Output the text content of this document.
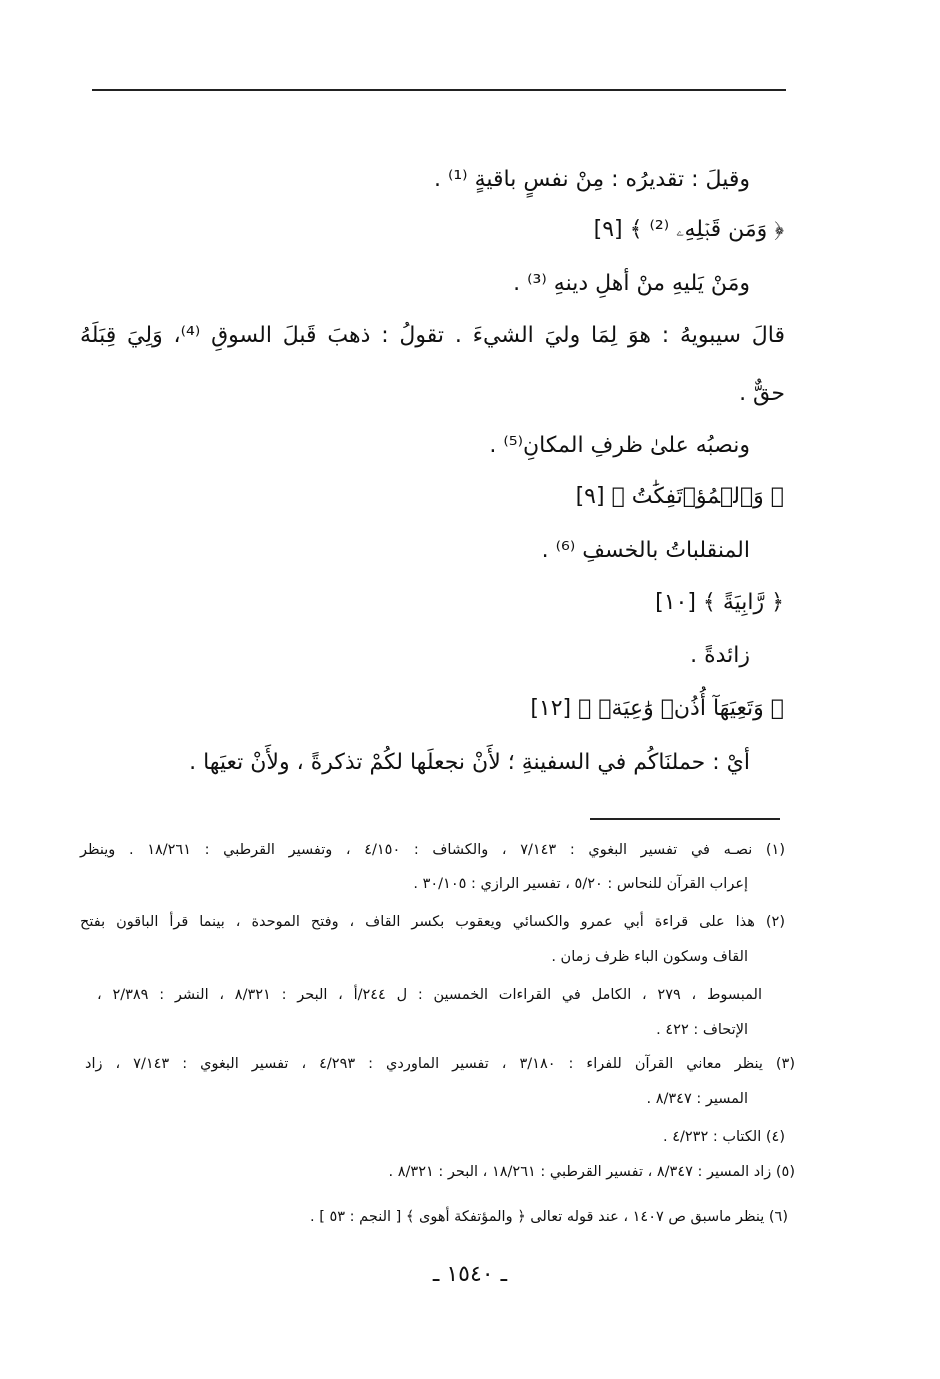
وقيلَ : تقديرُه : مِنْ نفسٍ باقيةٍ ⁽¹⁾ .
﴿ وَمَن قَبۡلِهِۦ ⁽²⁾ ﴾ [٩]
ومَنْ يَليهِ منْ أهلِ دينهِ ⁽³⁾ .
قالَ سيبويهُ : هوَ لِمَا وليَ الشيءَ . تقولُ : ذهبَ قَبلَ السوقِ ⁽⁴⁾، وَلِيَ قِبَلَهُ
حقٌّ .
ونصبُه علىٰ ظرفِ المكانِ⁽⁵⁾ .
﴿ وَٱلۡمُؤۡتَفِكَٰتُ ﴾ [٩]
المنقلباتُ بالخسفِ ⁽⁶⁾ .
﴿ رَّابِيَةً ﴾ [١٠]
زائدةً .
﴿ وَتَعِيَهَآ أُذُنٞ وَٰعِيَةٞ ﴾ [١٢]
أيْ : حملنَاكُم في السفينةِ ؛ لأَنْ نجعلَها لكُمْ تذكرةً ، ولأَنْ تعيَها .
(١) نصـه في تفسير البغوي : ٧/١٤٣ ، والكشاف : ٤/١٥٠ ، وتفسير القرطبي : ١٨/٢٦١ . وينظر
إعراب القرآن للنحاس : ٥/٢٠ ، تفسير الرازي : ٣٠/١٠٥ .
(٢) هذا على قراءة أبي عمرو والكسائي ويعقوب بكسر القاف ، وفتح الموحدة ، بينما قرأ الباقون بفتح
القاف وسكون الباء ظرف زمان .
المبسوط ، ٢٧٩ ، الكامل في القراءات الخمسين : ل ٢٤٤/أ ، البحر : ٨/٣٢١ ، النشر : ٢/٣٨٩ ،
الإتحاف : ٤٢٢ .
(٣) ينظر معاني القرآن للفراء : ٣/١٨٠ ، تفسير الماوردي : ٤/٢٩٣ ، تفسير البغوي : ٧/١٤٣ ، زاد
المسير : ٨/٣٤٧ .
(٤) الكتاب : ٤/٢٣٢ .
(٥) زاد المسير : ٨/٣٤٧ ، تفسير القرطبي : ١٨/٢٦١ ، البحر : ٨/٣٢١ .
(٦) ينظر ماسبق ص ١٤٠٧ ، عند قوله تعالى ﴿ والمؤتفكة أهوى ﴾ [ النجم : ٥٣ ] .
ـ ١٥٤٠ ـ
